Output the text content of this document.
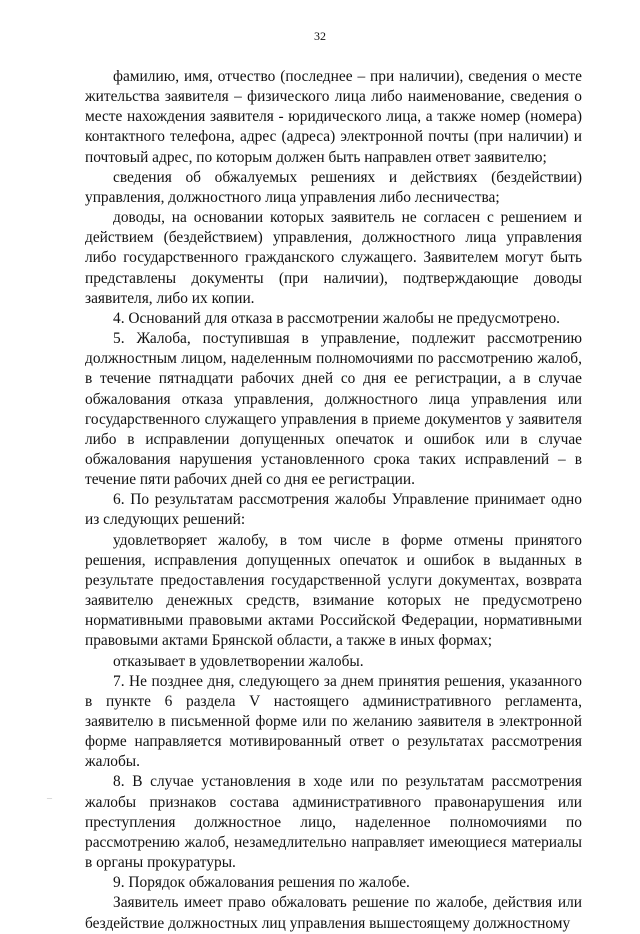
32

фамилию, имя, отчество (последнее – при наличии), сведения о месте жительства заявителя – физического лица либо наименование, сведения о месте нахождения заявителя - юридического лица, а также номер (номера) контактного телефона, адрес (адреса) электронной почты (при наличии) и почтовый адрес, по которым должен быть направлен ответ заявителю;

сведения об обжалуемых решениях и действиях (бездействии) управления, должностного лица управления либо лесничества;

доводы, на основании которых заявитель не согласен с решением и действием (бездействием) управления, должностного лица управления либо государственного гражданского служащего. Заявителем могут быть представлены документы (при наличии), подтверждающие доводы заявителя, либо их копии.

4. Оснований для отказа в рассмотрении жалобы не предусмотрено.

5. Жалоба, поступившая в управление, подлежит рассмотрению должностным лицом, наделенным полномочиями по рассмотрению жалоб, в течение пятнадцати рабочих дней со дня ее регистрации, а в случае обжалования отказа управления, должностного лица управления или государственного служащего управления в приеме документов у заявителя либо в исправлении допущенных опечаток и ошибок или в случае обжалования нарушения установленного срока таких исправлений – в течение пяти рабочих дней со дня ее регистрации.

6. По результатам рассмотрения жалобы Управление принимает одно из следующих решений:

удовлетворяет жалобу, в том числе в форме отмены принятого решения, исправления допущенных опечаток и ошибок в выданных в результате предоставления государственной услуги документах, возврата заявителю денежных средств, взимание которых не предусмотрено нормативными правовыми актами Российской Федерации, нормативными правовыми актами Брянской области, а также в иных формах;

отказывает в удовлетворении жалобы.

7. Не позднее дня, следующего за днем принятия решения, указанного в пункте 6 раздела V настоящего административного регламента, заявителю в письменной форме или по желанию заявителя в электронной форме направляется мотивированный ответ о результатах рассмотрения жалобы.

8. В случае установления в ходе или по результатам рассмотрения жалобы признаков состава административного правонарушения или преступления должностное лицо, наделенное полномочиями по рассмотрению жалоб, незамедлительно направляет имеющиеся материалы в органы прокуратуры.

9. Порядок обжалования решения по жалобе.

Заявитель имеет право обжаловать решение по жалобе, действия или бездействие должностных лиц управления вышестоящему должностному

–
